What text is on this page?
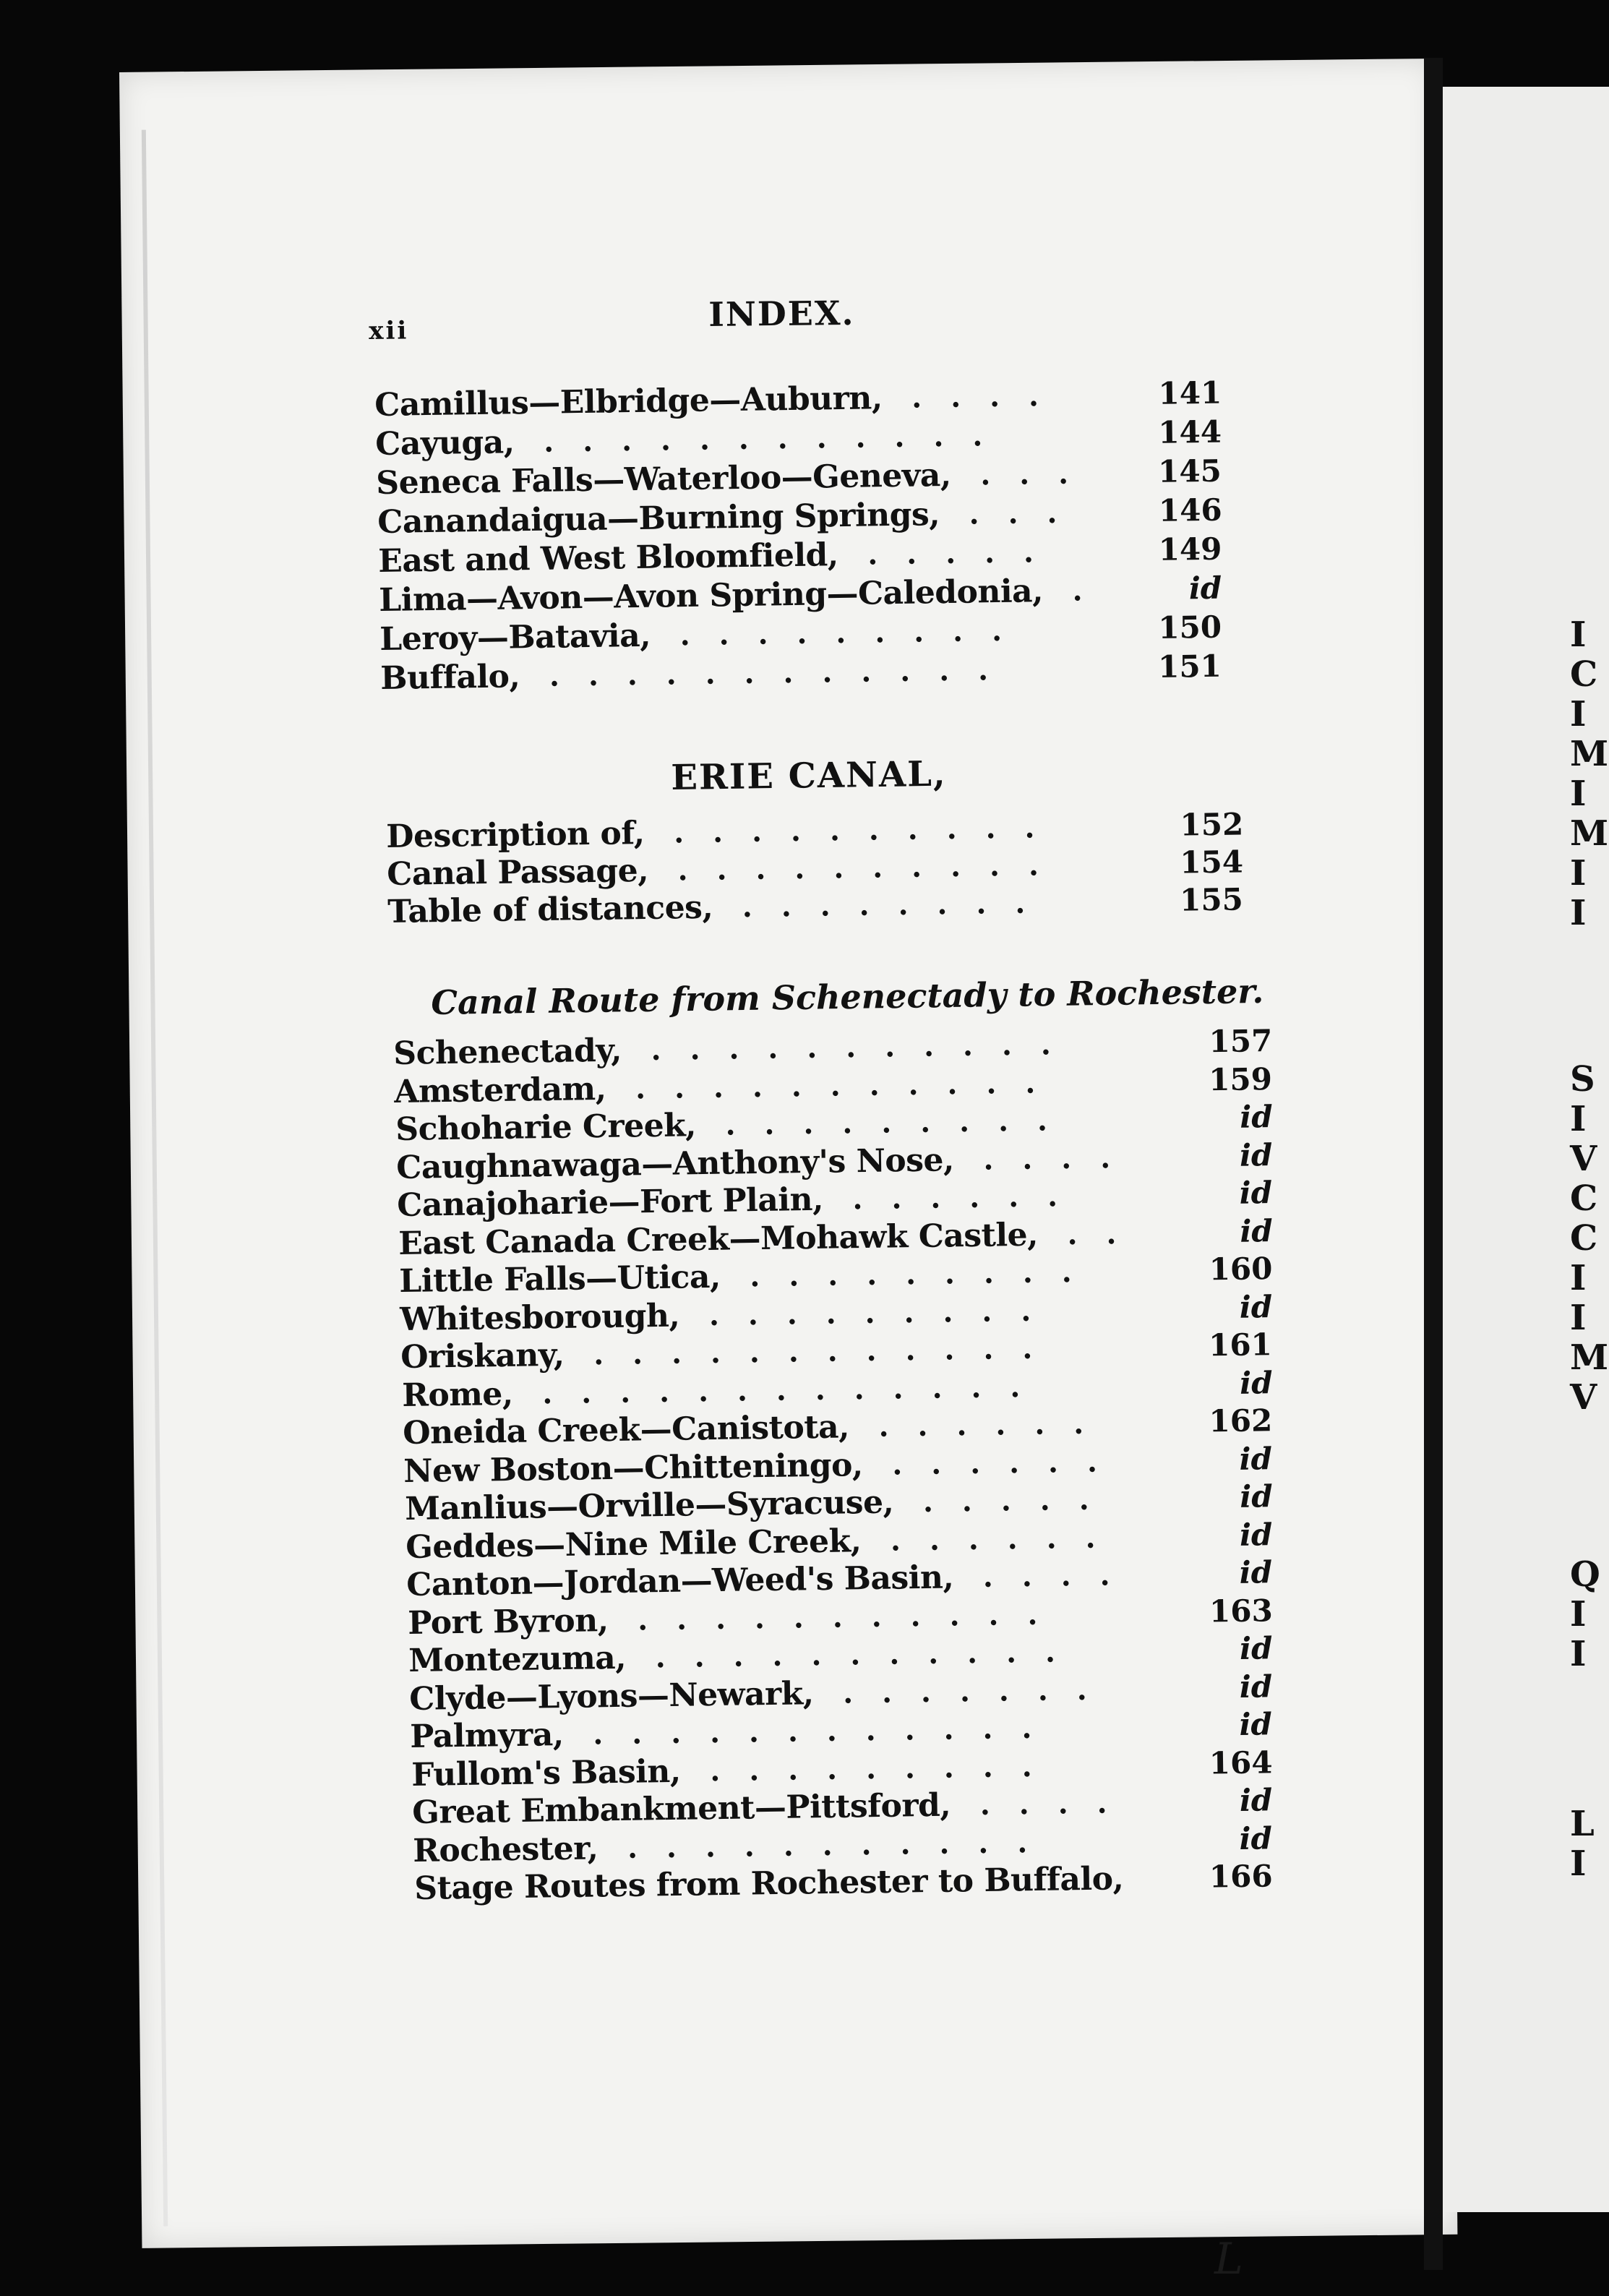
I
C
I
M
I
M
I
I
S
I
V
C
C
I
I
M
V
Q
I
I
L
I
xii	INDEX.
Camillus—Elbridge—Auburn,	141
....
Cayuga,	144
............
Seneca Falls—Waterloo—Geneva,	145
...
Canandaigua—Burning Springs,	146
...
East and West Bloomfield,	149
.....
Lima—Avon—Avon Spring—Caledonia,	id
.
Leroy—Batavia,	150
.........
Buffalo,	151
............
ERIE CANAL,
Description of,	152
..........
Canal Passage,	154
..........
Table of distances,	155
........
Canal Route from Schenectady to Rochester.
Schenectady,	157
...........
Amsterdam,	159
...........
Schoharie Creek,	id
.........
Caughnawaga—Anthony's Nose,	id
....
Canajoharie—Fort Plain,	id
......
East Canada Creek—Mohawk Castle,	id
..
Little Falls—Utica,	160
.........
Whitesborough,	id
.........
Oriskany,	161
............
Rome,	id
.............
Oneida Creek—Canistota,	162
......
New Boston—Chitteningo,	id
......
Manlius—Orville—Syracuse,	id
.....
Geddes—Nine Mile Creek,	id
......
Canton—Jordan—Weed's Basin,	id
....
Port Byron,	163
...........
Montezuma,	id
...........
Clyde—Lyons—Newark,	id
.......
Palmyra,	id
............
Fullom's Basin,	164
.........
Great Embankment—Pittsford,	id
....
Rochester,	id
...........
Stage Routes from Rochester to Buffalo,	166
L
